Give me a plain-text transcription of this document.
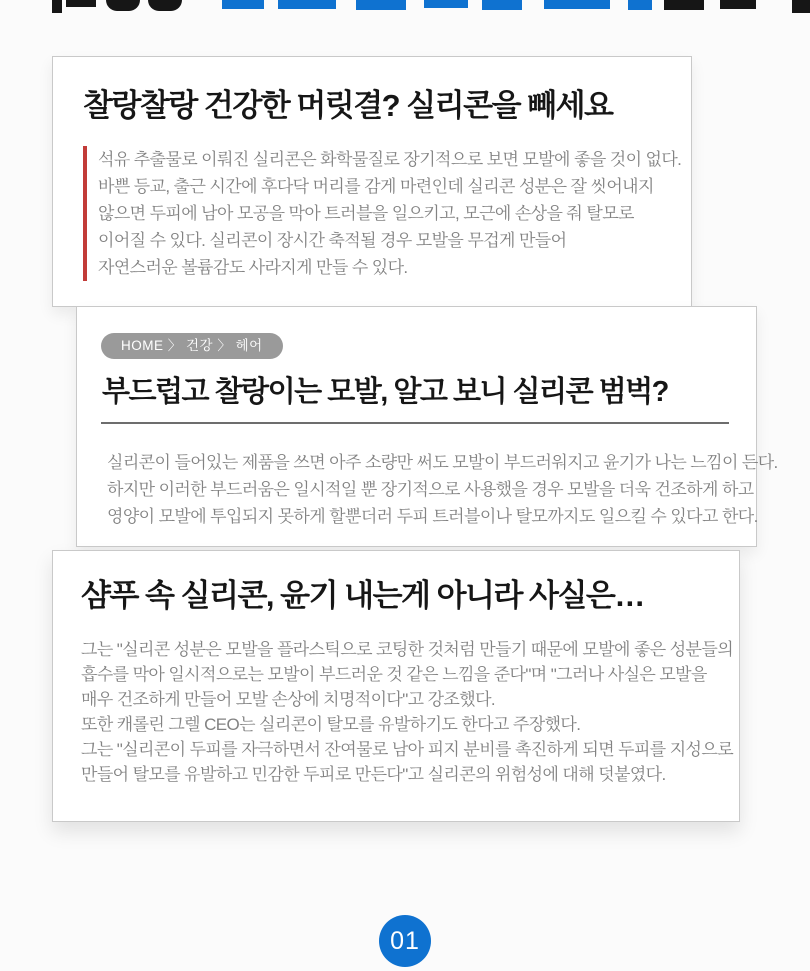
찰랑찰랑 건강한 머릿결? 실리콘을 빼세요
석유 추출물로 이뤄진 실리콘은 화학물질로 장기적으로 보면 모발에 좋을 것이 없다.
바쁜 등교, 출근 시간에 후다닥 머리를 감게 마련인데 실리콘 성분은 잘 씻어내지
않으면 두피에 남아 모공을 막아 트러블을 일으키고, 모근에 손상을 줘 탈모로
이어질 수 있다. 실리콘이 장시간 축적될 경우 모발을 무겁게 만들어
자연스러운 볼륨감도 사라지게 만들 수 있다.
HOME 〉 건강 〉 헤어
부드럽고 찰랑이는 모발, 알고 보니 실리콘 범벅?
실리콘이 들어있는 제품을 쓰면 아주 소량만 써도 모발이 부드러워지고 윤기가 나는 느낌이 든다.
하지만 이러한 부드러움은 일시적일 뿐 장기적으로 사용했을 경우 모발을 더욱 건조하게 하고
영양이 모발에 투입되지 못하게 할뿐더러 두피 트러블이나 탈모까지도 일으킬 수 있다고 한다.
샴푸 속 실리콘, 윤기 내는게 아니라 사실은…
그는 "실리콘 성분은 모발을 플라스틱으로 코팅한 것처럼 만들기 때문에 모발에 좋은 성분들의
흡수를 막아 일시적으로는 모발이 부드러운 것 같은 느낌을 준다"며 "그러나 사실은 모발을
매우 건조하게 만들어 모발 손상에 치명적이다"고 강조했다.
또한 캐롤린 그렐 CEO는 실리콘이 탈모를 유발하기도 한다고 주장했다.
그는 "실리콘이 두피를 자극하면서 잔여물로 남아 피지 분비를 촉진하게 되면 두피를 지성으로
만들어 탈모를 유발하고 민감한 두피로 만든다"고 실리콘의 위험성에 대해 덧붙였다.
01
